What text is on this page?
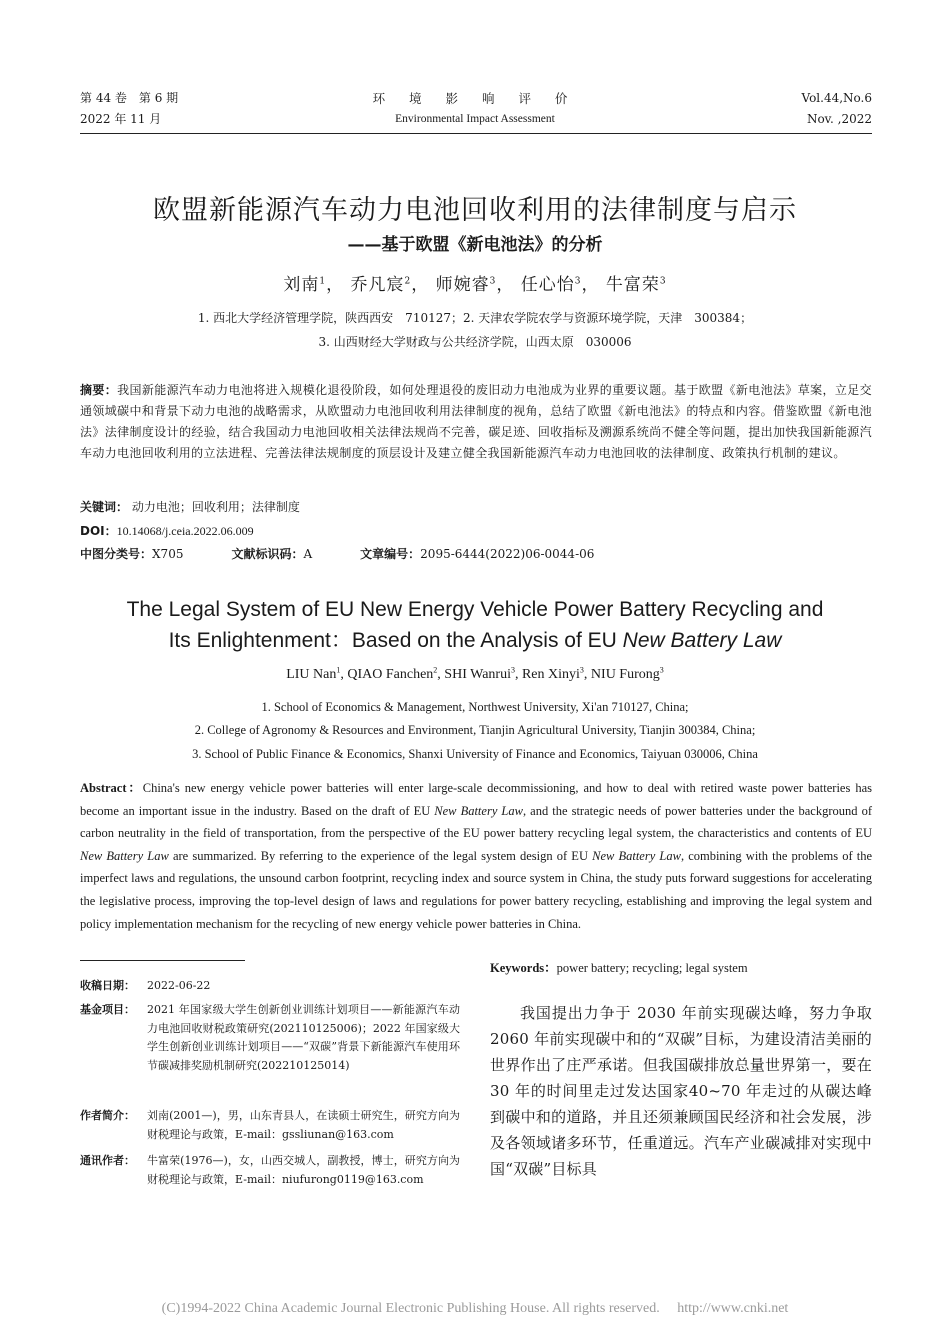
第 44 卷　第 6 期
2022 年 11 月
环 境 影 响 评 价
Environmental Impact Assessment
Vol.44,No.6
Nov. ,2022
欧盟新能源汽车动力电池回收利用的法律制度与启示
——基于欧盟《新电池法》的分析
刘南$^1$， 乔凡宸$^2$， 师婉睿$^3$， 任心怡$^3$， 牛富荣$^3$
1. 西北大学经济管理学院，陕西西安　710127；2. 天津农学院农学与资源环境学院，天津　300384；
3. 山西财经大学财政与公共经济学院，山西太原　030006
摘要：我国新能源汽车动力电池将进入规模化退役阶段，如何处理退役的废旧动力电池成为业界的重要议题。基于欧盟《新电池法》草案，立足交通领域碳中和背景下动力电池的战略需求，从欧盟动力电池回收利用法律制度的视角，总结了欧盟《新电池法》的特点和内容。借鉴欧盟《新电池法》法律制度设计的经验，结合我国动力电池回收相关法律法规尚不完善，碳足迹、回收指标及溯源系统尚不健全等问题，提出加快我国新能源汽车动力电池回收利用的立法进程、完善法律法规制度的顶层设计及建立健全我国新能源汽车动力电池回收的法律制度、政策执行机制的建议。
关键词： 动力电池；回收利用；法律制度
DOI：10.14068/j.ceia.2022.06.009
中图分类号：X705	文献标识码：A	文章编号：2095-6444(2022)06-0044-06
The Legal System of EU New Energy Vehicle Power Battery Recycling and
Its Enlightenment：Based on the Analysis of EU New Battery Law
LIU Nan$^1$, QIAO Fanchen$^2$, SHI Wanrui$^3$, Ren Xinyi$^3$, NIU Furong$^3$
1. School of Economics & Management, Northwest University, Xi'an 710127, China;
2. College of Agronomy & Resources and Environment, Tianjin Agricultural University, Tianjin 300384, China;
3. School of Public Finance & Economics, Shanxi University of Finance and Economics, Taiyuan 030006, China
Abstract：China's new energy vehicle power batteries will enter large-scale decommissioning, and how to deal with retired waste power batteries has become an important issue in the industry. Based on the draft of EU New Battery Law, and the strategic needs of power batteries under the background of carbon neutrality in the field of transportation, from the perspective of the EU power battery recycling legal system, the characteristics and contents of EU New Battery Law are summarized. By referring to the experience of the legal system design of EU New Battery Law, combining with the problems of the imperfect laws and regulations, the unsound carbon footprint, recycling index and source system in China, the study puts forward suggestions for accelerating the legislative process, improving the top-level design of laws and regulations for power battery recycling, establishing and improving the legal system and policy implementation mechanism for the recycling of new energy vehicle power batteries in China.
收稿日期： 2022-06-22
基金项目： 2021 年国家级大学生创新创业训练计划项目——新能源汽车动力电池回收财税政策研究(202110125006)；2022 年国家级大学生创新创业训练计划项目——“双碳”背景下新能源汽车使用环节碳减排奖励机制研究(202210125014)
作者简介： 刘南(2001—)，男，山东青县人，在读硕士研究生，研究方向为财税理论与政策，E-mail：gssliunan@163.com
通讯作者： 牛富荣(1976—)，女，山西交城人，副教授，博士，研究方向为财税理论与政策，E-mail：niufurong0119@163.com
Keywords：power battery; recycling; legal system

我国提出力争于 2030 年前实现碳达峰，努力争取 2060 年前实现碳中和的“双碳”目标，为建设清洁美丽的世界作出了庄严承诺。但我国碳排放总量世界第一，要在 30 年的时间里走过发达国家40~70 年走过的从碳达峰到碳中和的道路，并且还须兼顾国民经济和社会发展，涉及各领域诸多环节，任重道远。汽车产业碳减排对实现中国“双碳”目标具

(C)1994-2022 China Academic Journal Electronic Publishing House. All rights reserved.　 http://www.cnki.net
